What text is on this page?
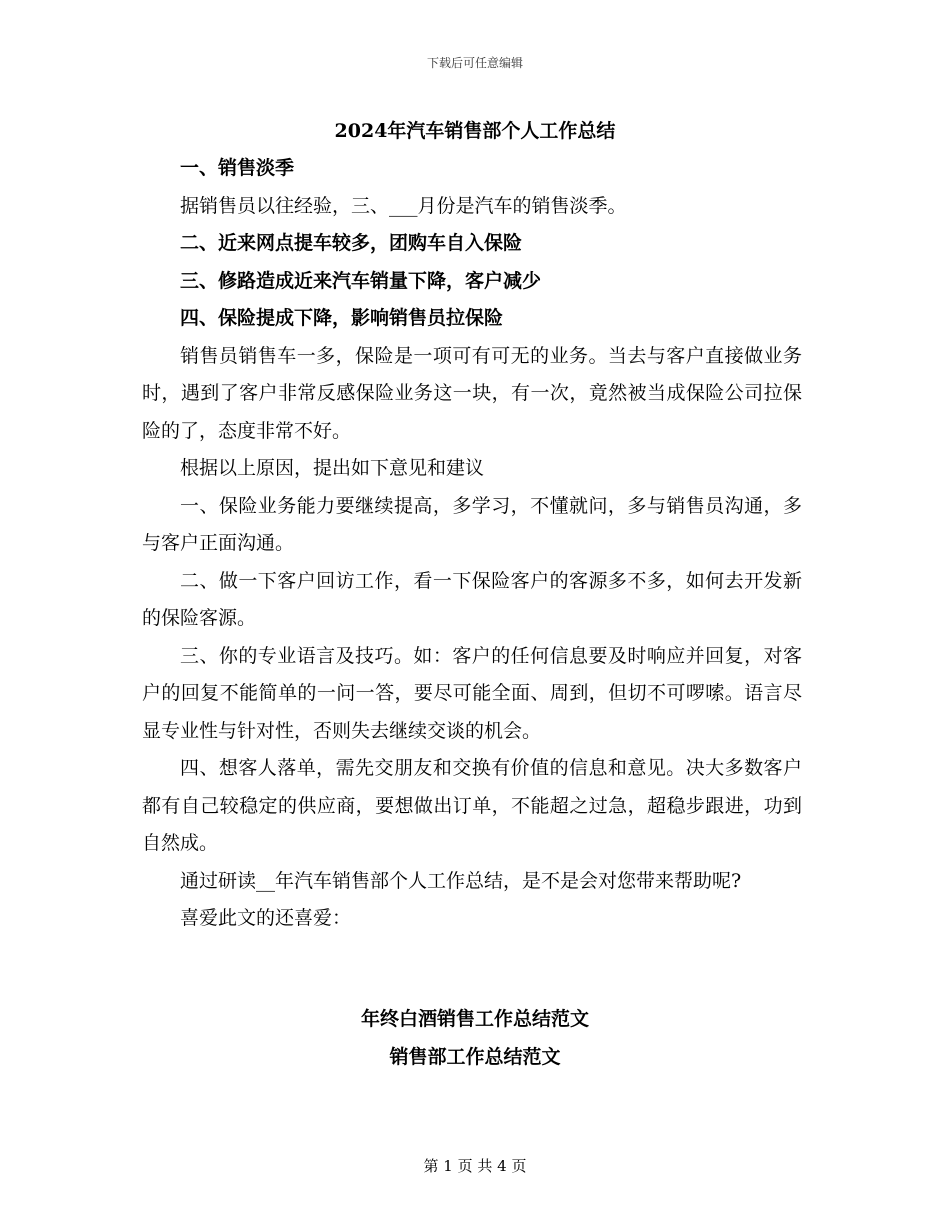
下载后可任意编辑
2024年汽车销售部个人工作总结

一、销售淡季

据销售员以往经验，三、___月份是汽车的销售淡季。

二、近来网点提车较多，团购车自入保险

三、修路造成近来汽车销量下降，客户减少

四、保险提成下降，影响销售员拉保险

销售员销售车一多，保险是一项可有可无的业务。当去与客户直接做业务时，遇到了客户非常反感保险业务这一块，有一次，竟然被当成保险公司拉保险的了，态度非常不好。

根据以上原因，提出如下意见和建议

一、保险业务能力要继续提高，多学习，不懂就问，多与销售员沟通，多与客户正面沟通。

二、做一下客户回访工作，看一下保险客户的客源多不多，如何去开发新的保险客源。

三、你的专业语言及技巧。如：客户的任何信息要及时响应并回复，对客户的回复不能简单的一问一答，要尽可能全面、周到，但切不可啰嗦。语言尽显专业性与针对性，否则失去继续交谈的机会。

四、想客人落单，需先交朋友和交换有价值的信息和意见。决大多数客户都有自己较稳定的供应商，要想做出订单，不能超之过急，超稳步跟进，功到自然成。

通过研读__年汽车销售部个人工作总结，是不是会对您带来帮助呢?

喜爱此文的还喜爱：

年终白酒销售工作总结范文
销售部工作总结范文
第 1 页 共 4 页
